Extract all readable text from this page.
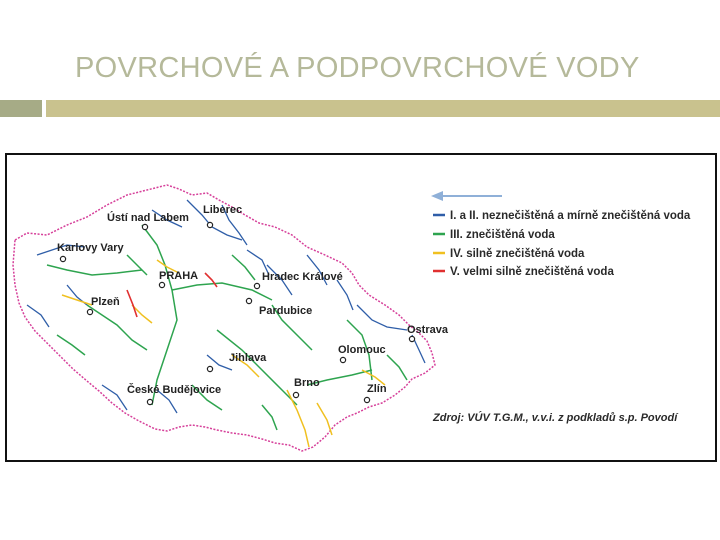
POVRCHOVÉ A PODPOVRCHOVÉ VODY
Liberec
Ústí nad Labem
Karlovy Vary
PRAHA	Hradec Králové
Plzeň
Pardubice
Ostrava
Olomouc
Jihlava
Brno	Zlín
České Budějovice
I. a II. neznečištěná a mírně znečištěná voda
III. znečištěná voda
IV. silně znečištěná voda
V. velmi silně znečištěná voda
Zdroj: VÚV T.G.M., v.v.i. z podkladů s.p. Povodí
